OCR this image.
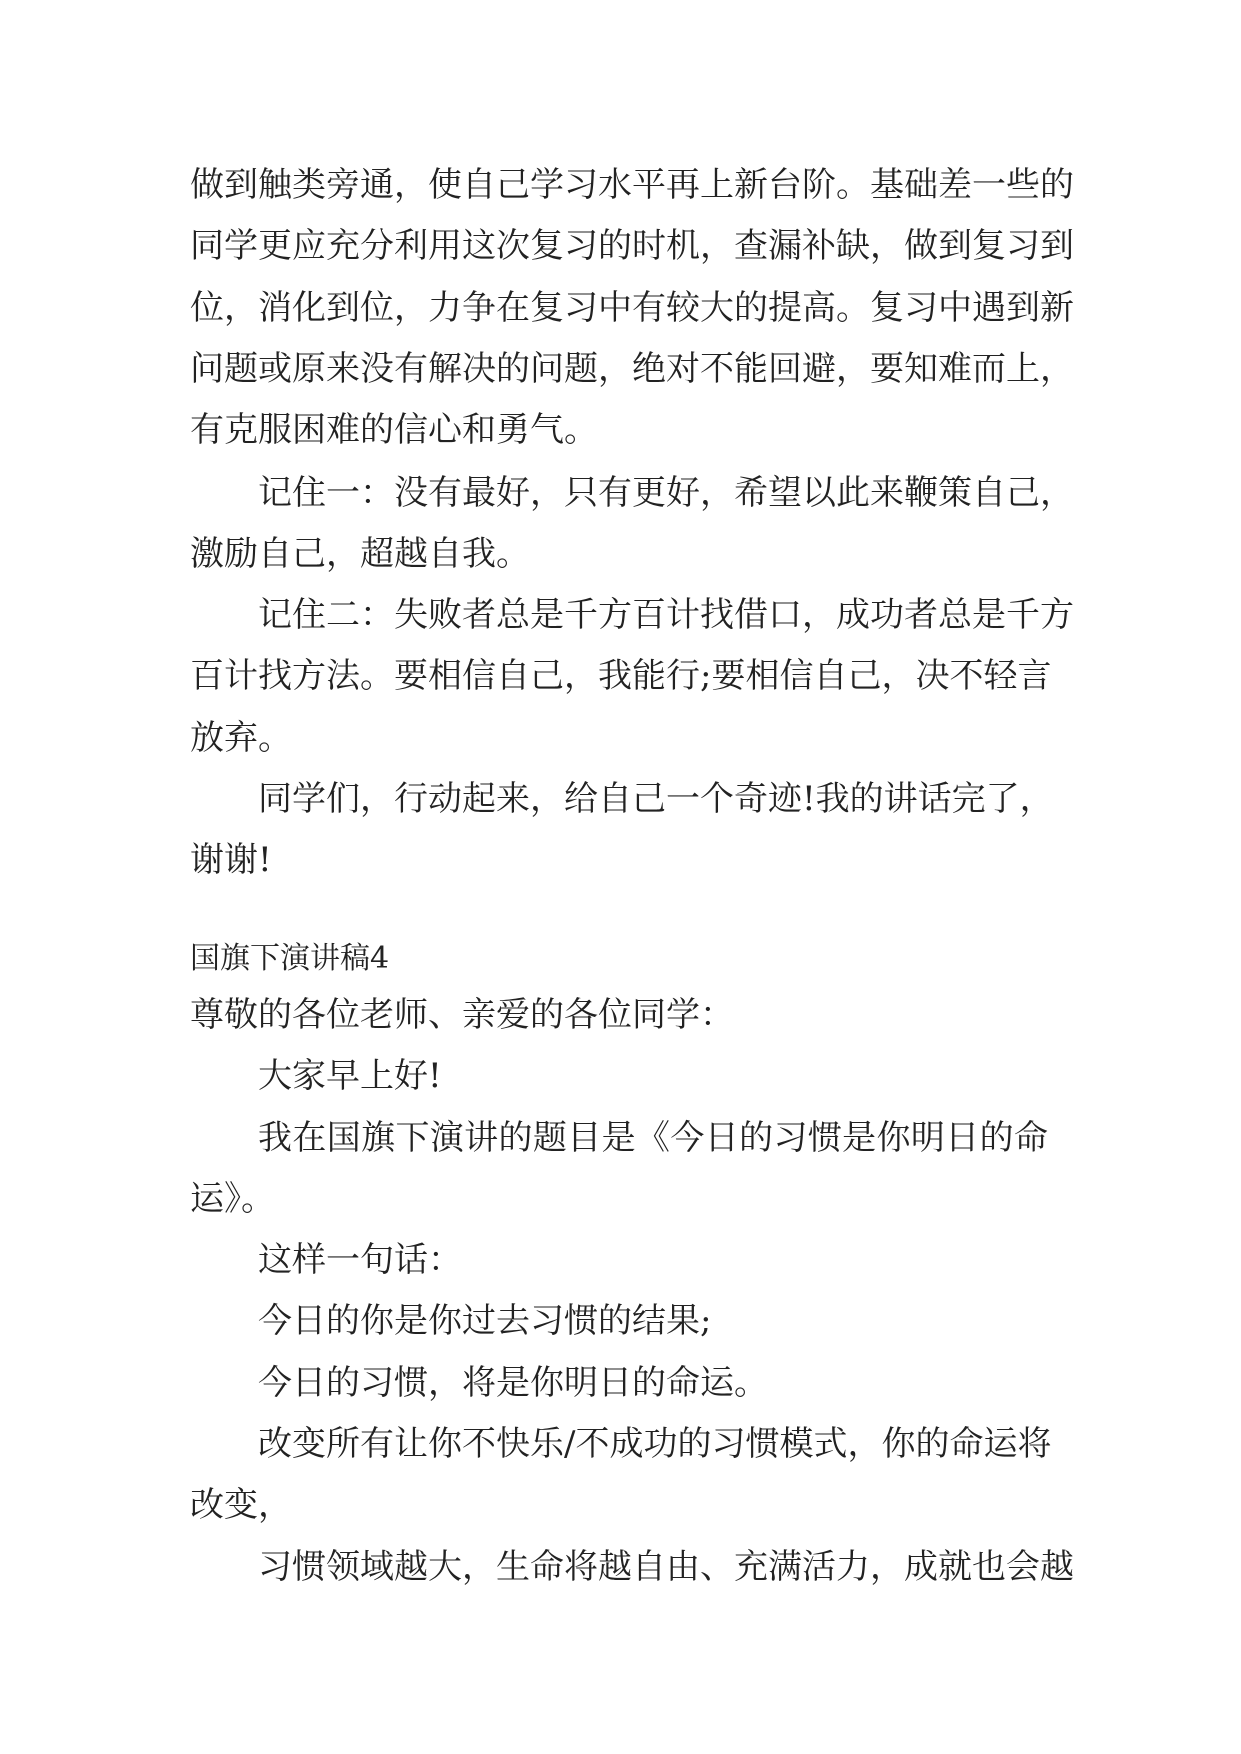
做到触类旁通，使自己学习水平再上新台阶。基础差一些的
同学更应充分利用这次复习的时机，查漏补缺，做到复习到
位，消化到位，力争在复习中有较大的提高。复习中遇到新
问题或原来没有解决的问题，绝对不能回避，要知难而上，
有克服困难的信心和勇气。
记住一：没有最好，只有更好，希望以此来鞭策自己，
激励自己，超越自我。
记住二：失败者总是千方百计找借口，成功者总是千方
百计找方法。要相信自己，我能行;要相信自己，决不轻言
放弃。
同学们，行动起来，给自己一个奇迹!我的讲话完了，
谢谢!
国旗下演讲稿4
尊敬的各位老师、亲爱的各位同学：
大家早上好!
我在国旗下演讲的题目是《今日的习惯是你明日的命
运》。
这样一句话：
今日的你是你过去习惯的结果;
今日的习惯，将是你明日的命运。
改变所有让你不快乐/不成功的习惯模式，你的命运将
改变，
习惯领域越大，生命将越自由、充满活力，成就也会越
